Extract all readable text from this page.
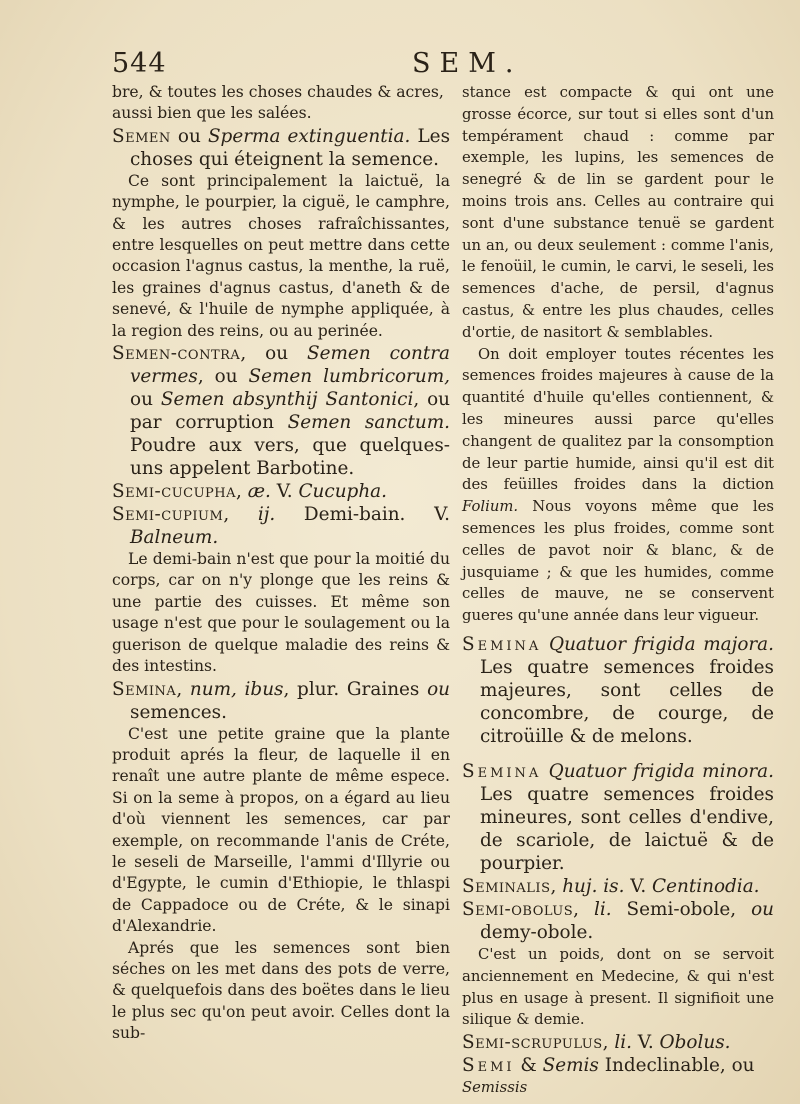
544	SEM.

bre, & toutes les choses chaudes & acres,
aussi bien que les salées.

Semen ou Sperma extinguentia. Les choses qui éteignent la semence.

Ce sont principalement la laictuë, la nymphe, le pourpier, la ciguë, le camphre, & les autres choses rafraîchissantes, entre lesquelles on peut mettre dans cette occasion l'agnus castus, la menthe, la ruë, les graines d'agnus castus, d'aneth & de senevé, & l'huile de nymphe appliquée, à la region des reins, ou au perinée.

Semen-contra, ou Semen contra vermes, ou Semen lumbricorum, ou Semen absynthij Santonici, ou par corruption Semen sanctum. Poudre aux vers, que quelques-uns appelent Barbotine.

Semi-cucupha, æ. V. Cucupha.

Semi-cupium, ij. Demi-bain. V. Balneum.

Le demi-bain n'est que pour la moitié du corps, car on n'y plonge que les reins & une partie des cuisses. Et même son usage n'est que pour le soulagement ou la guerison de quelque maladie des reins & des intestins.

Semina, num, ibus, plur. Graines ou semences.

C'est une petite graine que la plante produit aprés la fleur, de laquelle il en renaît une autre plante de même espece. Si on la seme à propos, on a égard au lieu d'où viennent les semences, car par exemple, on recommande l'anis de Créte, le seseli de Marseille, l'ammi d'Illyrie ou d'Egypte, le cumin d'Ethiopie, le thlaspi de Cappadoce ou de Créte, & le sinapi d'Alexandrie.

Aprés que les semences sont bien séches on les met dans des pots de verre, & quelquefois dans des boëtes dans le lieu le plus sec qu'on peut avoir. Celles dont la sub-

stance est compacte & qui ont une grosse écorce, sur tout si elles sont d'un tempérament chaud : comme par exemple, les lupins, les semences de senegré & de lin se gardent pour le moins trois ans. Celles au contraire qui sont d'une substance tenuë se gardent un an, ou deux seulement : comme l'anis, le fenoüil, le cumin, le carvi, le seseli, les semences d'ache, de persil, d'agnus castus, & entre les plus chaudes, celles d'ortie, de nasitort & semblables.

On doit employer toutes récentes les semences froides majeures à cause de la quantité d'huile qu'elles contiennent, & les mineures aussi parce qu'elles changent de qualitez par la consomption de leur partie humide, ainsi qu'il est dit des feüilles froides dans la diction Folium. Nous voyons même que les semences les plus froides, comme sont celles de pavot noir & blanc, & de jusquiame ; & que les humides, comme celles de mauve, ne se conservent gueres qu'une année dans leur vigueur.

Semina Quatuor frigida majora. Les quatre semences froides majeures, sont celles de concombre, de courge, de citroüille & de melons.

Semina Quatuor frigida minora. Les quatre semences froides mineures, sont celles d'endive, de scariole, de laictuë & de pourpier.

Seminalis, huj. is. V. Centinodia.

Semi-obolus, li. Semi-obole, ou demy-obole.

C'est un poids, dont on se servoit anciennement en Medecine, & qui n'est plus en usage à present. Il signifioit une silique & demie.

Semi-scrupulus, li. V. Obolus.

Semi & Semis Indeclinable, ou

Semissis
